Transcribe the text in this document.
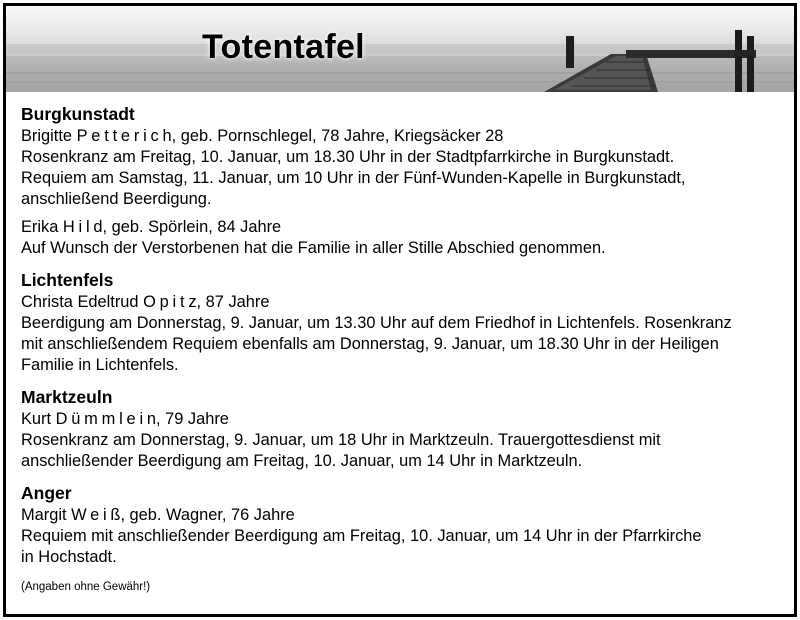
Totentafel
Burgkunstadt
Brigitte Petterich, geb. Pornschlegel, 78 Jahre, Kriegsäcker 28
Rosenkranz am Freitag, 10. Januar, um 18.30 Uhr in der Stadtpfarrkirche in Burgkunstadt.
Requiem am Samstag, 11. Januar, um 10 Uhr in der Fünf-Wunden-Kapelle in Burgkunstadt,
anschließend Beerdigung.
Erika Hild, geb. Spörlein, 84 Jahre
Auf Wunsch der Verstorbenen hat die Familie in aller Stille Abschied genommen.
Lichtenfels
Christa Edeltrud Opitz, 87 Jahre
Beerdigung am Donnerstag, 9. Januar, um 13.30 Uhr auf dem Friedhof in Lichtenfels. Rosenkranz
mit anschließendem Requiem ebenfalls am Donnerstag, 9. Januar, um 18.30 Uhr in der Heiligen
Familie in Lichtenfels.
Marktzeuln
Kurt Dümmlein, 79 Jahre
Rosenkranz am Donnerstag, 9. Januar, um 18 Uhr in Marktzeuln. Trauergottesdienst mit
anschließender Beerdigung am Freitag, 10. Januar, um 14 Uhr in Marktzeuln.
Anger
Margit Weiß, geb. Wagner, 76 Jahre
Requiem mit anschließender Beerdigung am Freitag, 10. Januar, um 14 Uhr in der Pfarrkirche
in Hochstadt.
(Angaben ohne Gewähr!)
